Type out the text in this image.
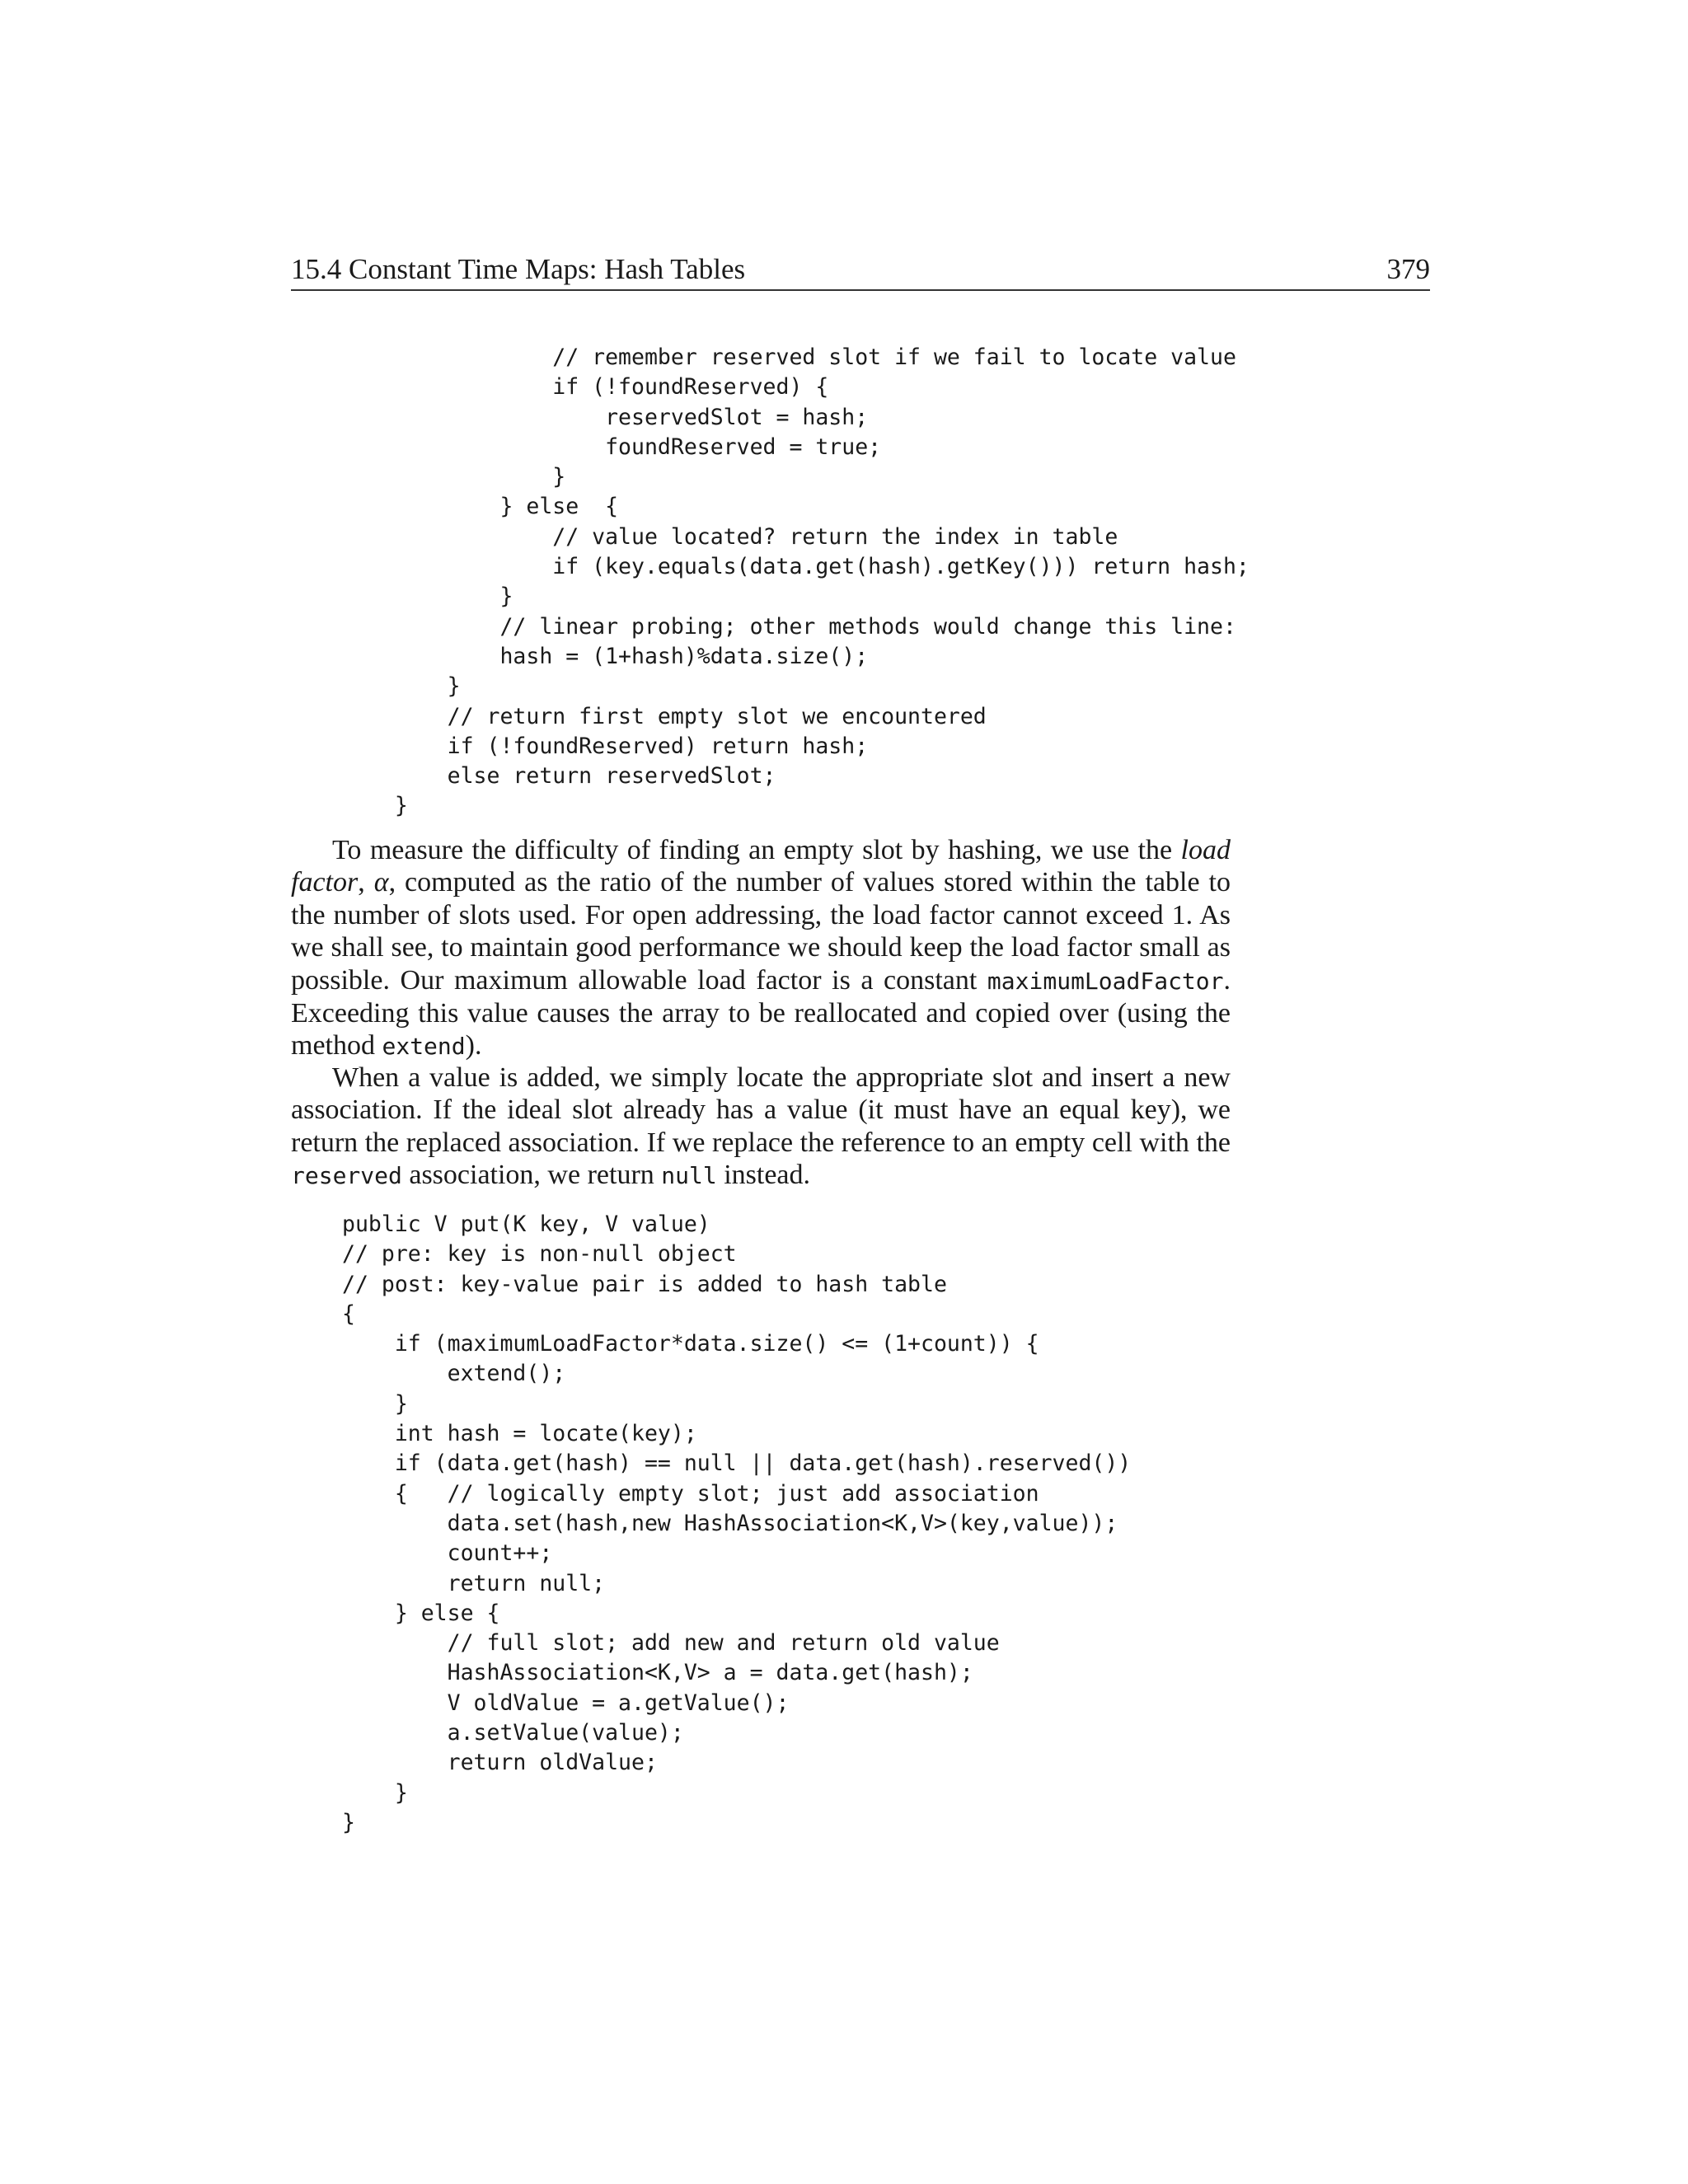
15.4 Constant Time Maps: Hash Tables	379
// remember reserved slot if we fail to locate value
if (!foundReserved) {
reservedSlot = hash;
foundReserved = true;
}
} else  {
// value located? return the index in table
if (key.equals(data.get(hash).getKey())) return hash;
}
// linear probing; other methods would change this line:
hash = (1+hash)%data.size();
}
// return first empty slot we encountered
if (!foundReserved) return hash;
else return reservedSlot;
}

To measure the difficulty of finding an empty slot by hashing, we use the load factor, α, computed as the ratio of the number of values stored within the table to the number of slots used. For open addressing, the load factor cannot exceed 1. As we shall see, to maintain good performance we should keep the load factor small as possible. Our maximum allowable load factor is a constant maximumLoadFactor. Exceeding this value causes the array to be reallocated and copied over (using the method extend).

When a value is added, we simply locate the appropriate slot and insert a new association. If the ideal slot already has a value (it must have an equal key), we return the replaced association. If we replace the reference to an empty cell with the reserved association, we return null instead.

public V put(K key, V value)
// pre: key is non-null object
// post: key-value pair is added to hash table
{
if (maximumLoadFactor*data.size() <= (1+count)) {
extend();
}
int hash = locate(key);
if (data.get(hash) == null || data.get(hash).reserved())
{   // logically empty slot; just add association
data.set(hash,new HashAssociation<K,V>(key,value));
count++;
return null;
} else {
// full slot; add new and return old value
HashAssociation<K,V> a = data.get(hash);
V oldValue = a.getValue();
a.setValue(value);
return oldValue;
}
}
